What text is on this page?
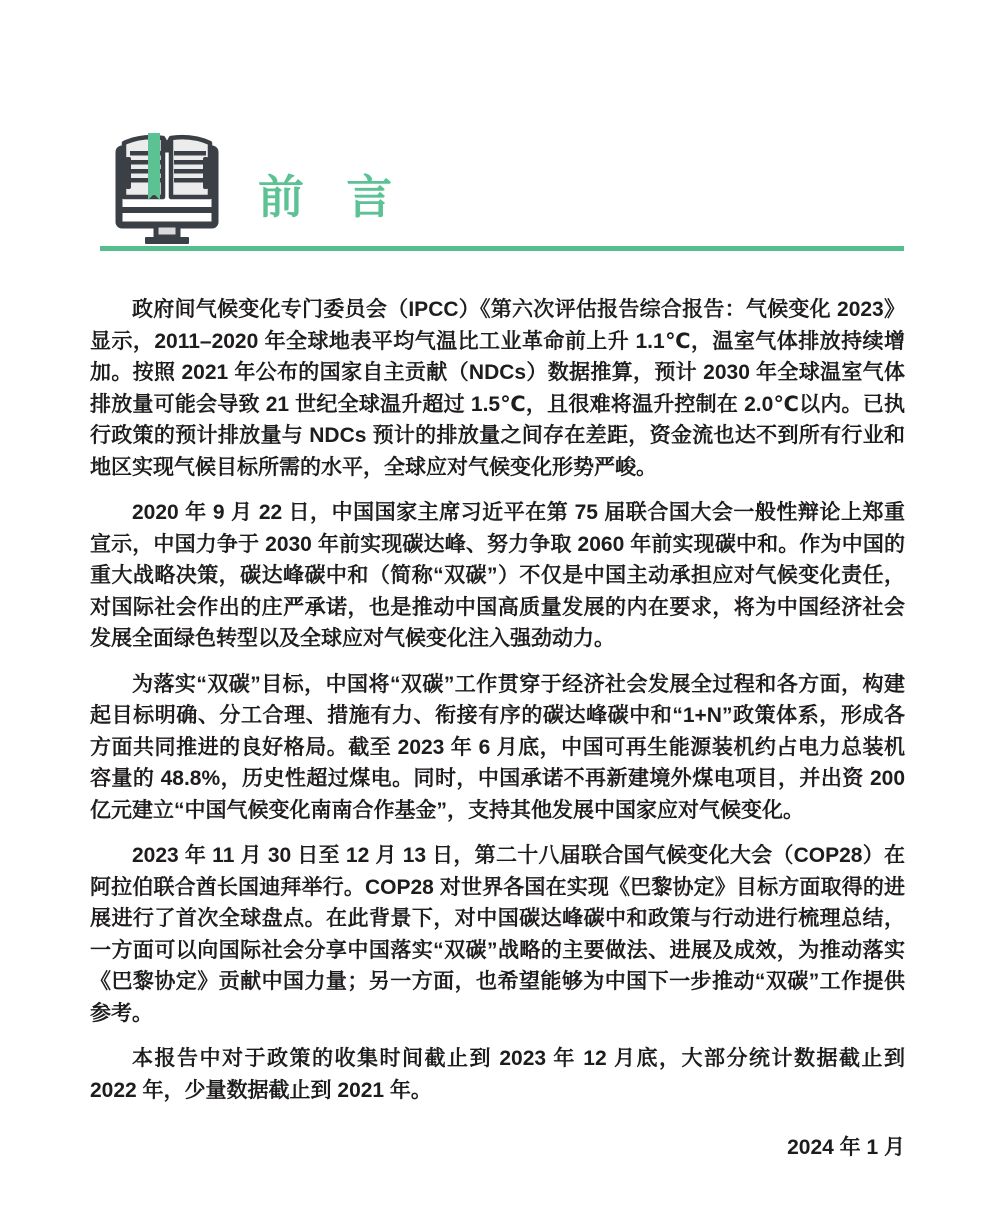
前 言

政府间气候变化专门委员会（IPCC）《第六次评估报告综合报告：气候变化 2023》显示，2011–2020 年全球地表平均气温比工业革命前上升 1.1℃，温室气体排放持续增加。按照 2021 年公布的国家自主贡献（NDCs）数据推算，预计 2030 年全球温室气体排放量可能会导致 21 世纪全球温升超过 1.5℃，且很难将温升控制在 2.0℃以内。已执行政策的预计排放量与 NDCs 预计的排放量之间存在差距，资金流也达不到所有行业和地区实现气候目标所需的水平，全球应对气候变化形势严峻。

2020 年 9 月 22 日，中国国家主席习近平在第 75 届联合国大会一般性辩论上郑重宣示，中国力争于 2030 年前实现碳达峰、努力争取 2060 年前实现碳中和。作为中国的重大战略决策，碳达峰碳中和（简称“双碳”）不仅是中国主动承担应对气候变化责任，对国际社会作出的庄严承诺，也是推动中国高质量发展的内在要求，将为中国经济社会发展全面绿色转型以及全球应对气候变化注入强劲动力。

为落实“双碳”目标，中国将“双碳”工作贯穿于经济社会发展全过程和各方面，构建起目标明确、分工合理、措施有力、衔接有序的碳达峰碳中和“1+N”政策体系，形成各方面共同推进的良好格局。截至 2023 年 6 月底，中国可再生能源装机约占电力总装机容量的 48.8%，历史性超过煤电。同时，中国承诺不再新建境外煤电项目，并出资 200 亿元建立“中国气候变化南南合作基金”，支持其他发展中国家应对气候变化。

2023 年 11 月 30 日至 12 月 13 日，第二十八届联合国气候变化大会（COP28）在阿拉伯联合酋长国迪拜举行。COP28 对世界各国在实现《巴黎协定》目标方面取得的进展进行了首次全球盘点。在此背景下，对中国碳达峰碳中和政策与行动进行梳理总结，一方面可以向国际社会分享中国落实“双碳”战略的主要做法、进展及成效，为推动落实《巴黎协定》贡献中国力量；另一方面，也希望能够为中国下一步推动“双碳”工作提供参考。

本报告中对于政策的收集时间截止到 2023 年 12 月底，大部分统计数据截止到 2022 年，少量数据截止到 2021 年。

2024 年 1 月
